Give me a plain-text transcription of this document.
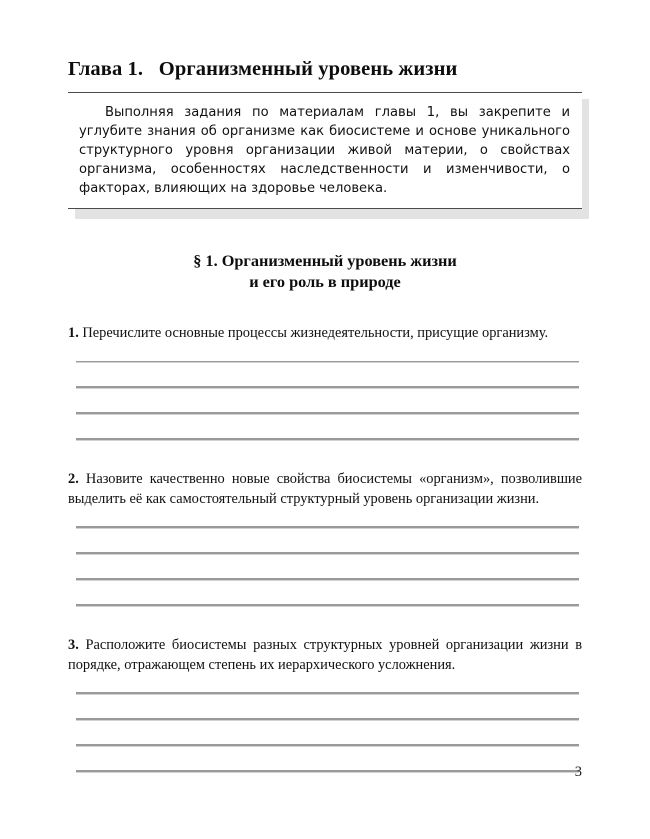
Глава 1.   Организменный уровень жизни

Выполняя задания по материалам главы 1, вы закрепите и углубите знания об организме как биосистеме и основе уникального структурного уровня организации живой материи, о свойствах организма, особенностях наследственности и изменчивости, о факторах, влияющих на здоровье человека.

§ 1. Организменный уровень жизни
и его роль в природе

1. Перечислите основные процессы жизнедеятельности, присущие организму.

2. Назовите качественно новые свойства биосистемы «организм», позволившие выделить её как самостоятельный структурный уровень организации жизни.

3. Расположите биосистемы разных структурных уровней организации жизни в порядке, отражающем степень их иерархического усложнения.

3
